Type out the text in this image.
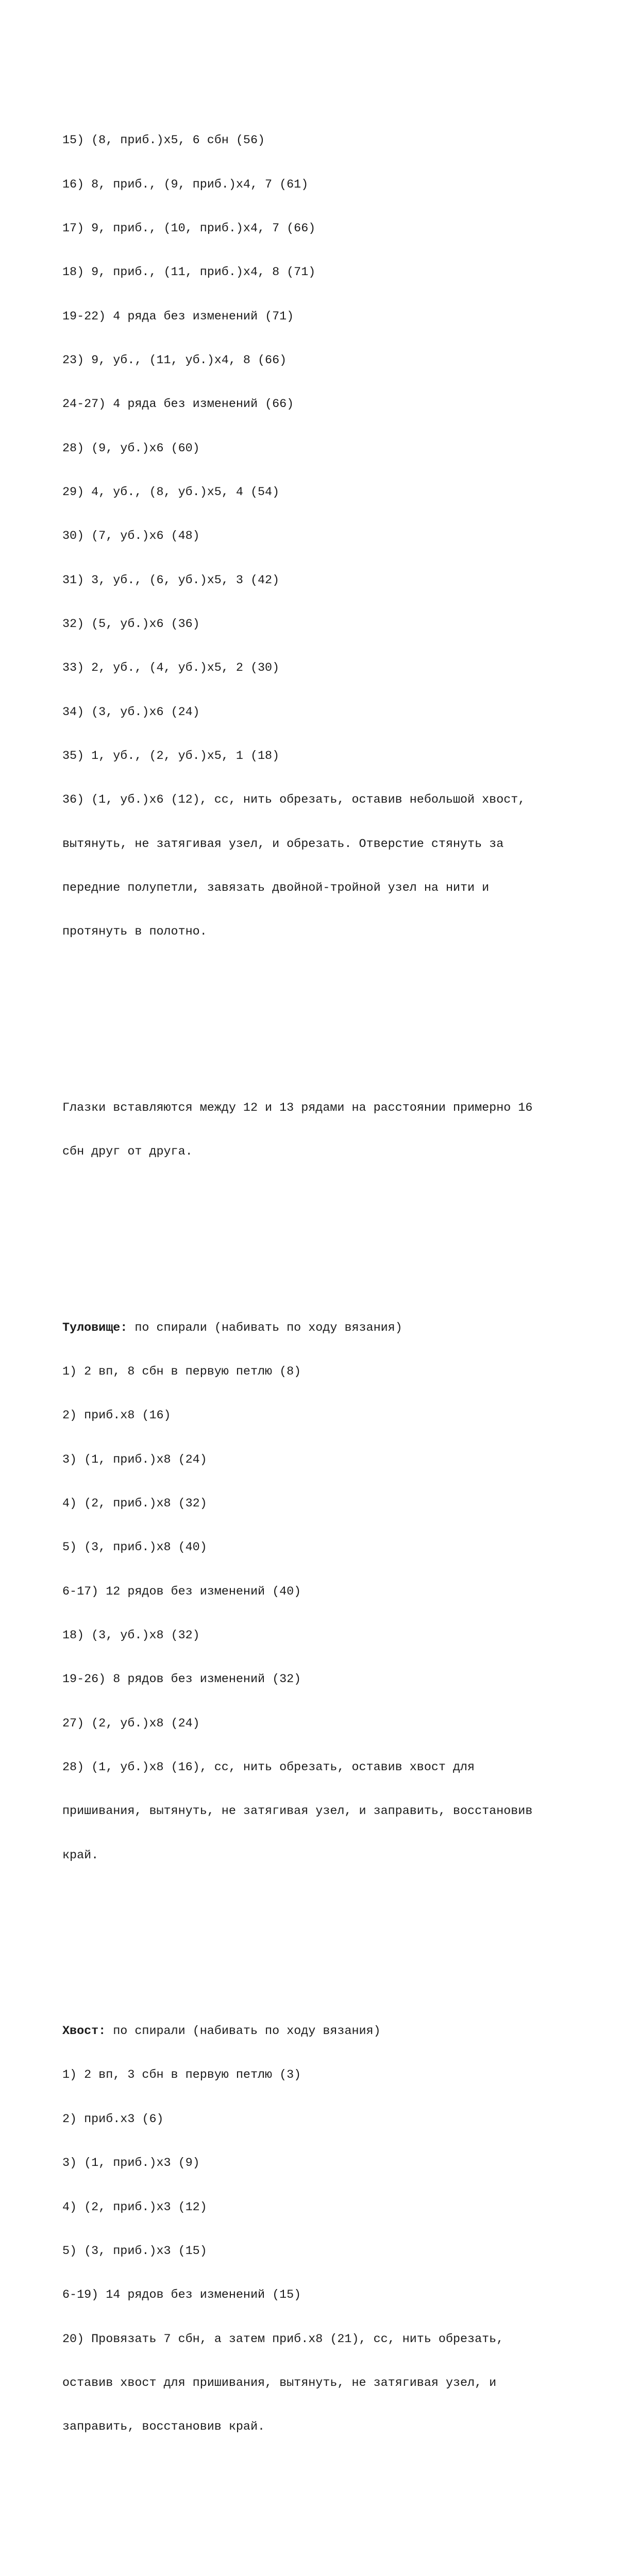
15) (8, приб.)x5, 6 сбн (56)

16) 8, приб., (9, приб.)x4, 7 (61)

17) 9, приб., (10, приб.)x4, 7 (66)

18) 9, приб., (11, приб.)x4, 8 (71)

19-22) 4 ряда без изменений (71)

23) 9, уб., (11, уб.)x4, 8 (66)

24-27) 4 ряда без изменений (66)

28) (9, уб.)x6 (60)

29) 4, уб., (8, уб.)x5, 4 (54)

30) (7, уб.)x6 (48)

31) 3, уб., (6, уб.)x5, 3 (42)

32) (5, уб.)x6 (36)

33) 2, уб., (4, уб.)x5, 2 (30)

34) (3, уб.)x6 (24)

35) 1, уб., (2, уб.)x5, 1 (18)

36) (1, уб.)x6 (12), сс, нить обрезать, оставив небольшой хвост,

вытянуть, не затягивая узел, и обрезать. Отверстие стянуть за

передние полупетли, завязать двойной-тройной узел на нити и

протянуть в полотно.

Глазки вставляются между 12 и 13 рядами на расстоянии примерно 16

сбн друг от друга.

Туловище: по спирали (набивать по ходу вязания)

1) 2 вп, 8 сбн в первую петлю (8)

2) приб.x8 (16)

3) (1, приб.)x8 (24)

4) (2, приб.)x8 (32)

5) (3, приб.)x8 (40)

6-17) 12 рядов без изменений (40)

18) (3, уб.)x8 (32)

19-26) 8 рядов без изменений (32)

27) (2, уб.)x8 (24)

28) (1, уб.)x8 (16), сс, нить обрезать, оставив хвост для

пришивания, вытянуть, не затягивая узел, и заправить, восстановив

край.

Хвост: по спирали (набивать по ходу вязания)

1) 2 вп, 3 сбн в первую петлю (3)

2) приб.x3 (6)

3) (1, приб.)x3 (9)

4) (2, приб.)x3 (12)

5) (3, приб.)x3 (15)

6-19) 14 рядов без изменений (15)

20) Провязать 7 сбн, а затем приб.x8 (21), сс, нить обрезать,

оставив хвост для пришивания, вытянуть, не затягивая узел, и

заправить, восстановив край.
